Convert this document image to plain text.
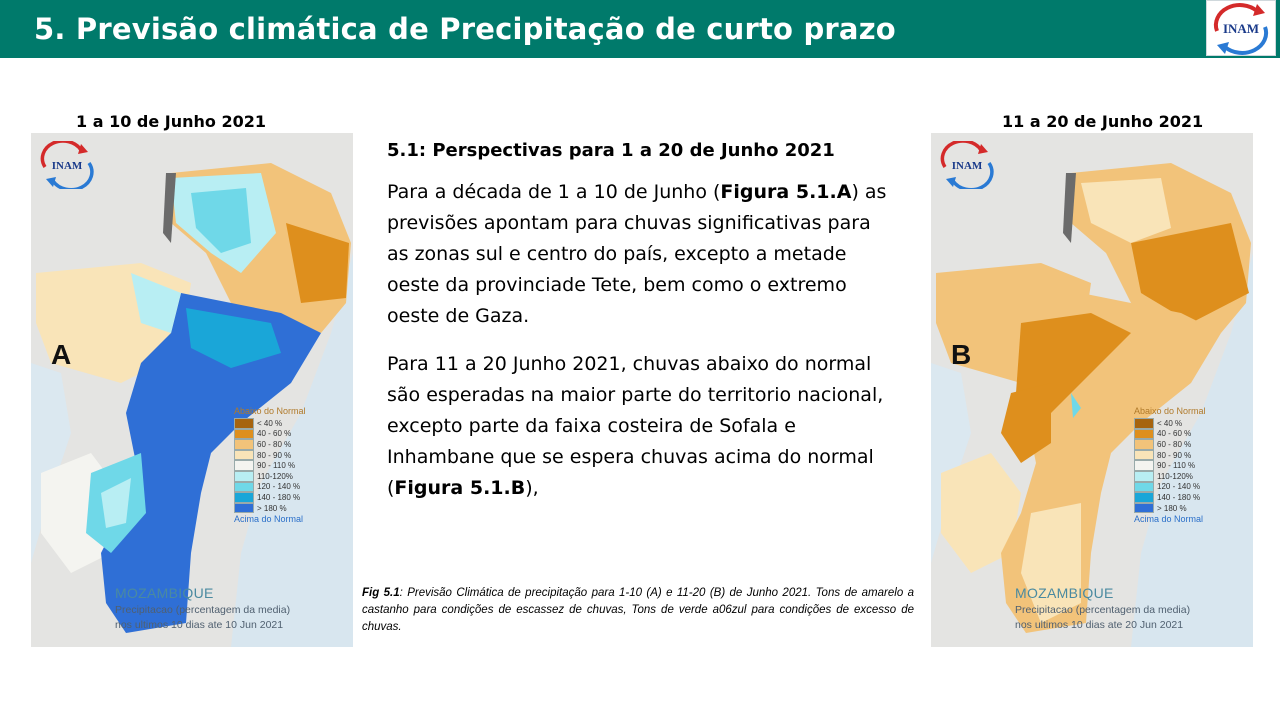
5. Previsão climática de Precipitação de curto prazo	INAM
1 a 10 de Junho 2021
INAM
A
Abaixo do Normal
< 40 %
40 - 60 %
60 - 80 %
80 - 90 %
90 - 110 %
110-120%
120 - 140 %
140 - 180 %
> 180 %
Acima do Normal
MOZAMBIQUE
Precipitacao (percentagem da media)
nos ultimos 10 dias ate 10 Jun 2021
5.1: Perspectivas para 1 a 20 de Junho 2021

Para a década de 1 a 10 de Junho (Figura 5.1.A) as previsões apontam para chuvas significativas para as zonas sul e centro do país, excepto a metade oeste da provinciade Tete, bem como o extremo oeste de Gaza.

Para 11 a 20 Junho 2021, chuvas abaixo do normal são esperadas na maior parte do territorio nacional, excepto parte da faixa costeira de Sofala e Inhambane que se espera chuvas acima do normal (Figura 5.1.B),

11 a 20 de Junho 2021
INAM
B
Abaixo do Normal
< 40 %
40 - 60 %
60 - 80 %
80 - 90 %
90 - 110 %
110-120%
120 - 140 %
140 - 180 %
> 180 %
Acima do Normal
MOZAMBIQUE
Precipitacao (percentagem da media)
nos ultimos 10 dias ate 20 Jun 2021
Fig 5.1: Previsão Climática de precipitação para 1-10 (A) e 11-20 (B) de Junho 2021. Tons de amarelo a castanho para condições de escassez de chuvas, Tons de verde a06zul para condições de excesso de chuvas.
